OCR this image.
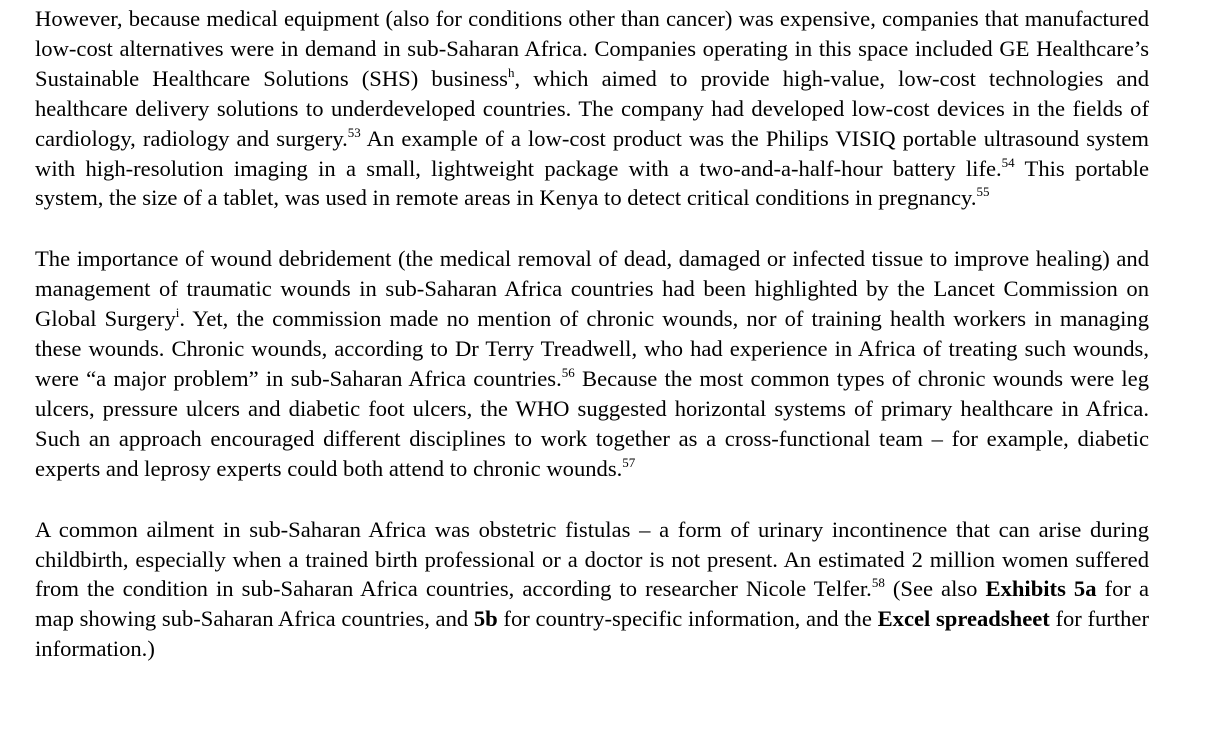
However, because medical equipment (also for conditions other than cancer) was expensive, companies that manufactured low-cost alternatives were in demand in sub-Saharan Africa. Companies operating in this space included GE Healthcare’s Sustainable Healthcare Solutions (SHS) business$^h$, which aimed to provide high-value, low-cost technologies and healthcare delivery solutions to underdeveloped countries. The company had developed low-cost devices in the fields of cardiology, radiology and surgery.$^{53}$ An example of a low-cost product was the Philips VISIQ portable ultrasound system with high-resolution imaging in a small, lightweight package with a two-and-a-half-hour battery life.$^{54}$ This portable system, the size of a tablet, was used in remote areas in Kenya to detect critical conditions in pregnancy.$^{55}$

The importance of wound debridement (the medical removal of dead, damaged or infected tissue to improve healing) and management of traumatic wounds in sub-Saharan Africa countries had been highlighted by the Lancet Commission on Global Surgery$^i$. Yet, the commission made no mention of chronic wounds, nor of training health workers in managing these wounds. Chronic wounds, according to Dr Terry Treadwell, who had experience in Africa of treating such wounds, were “a major problem” in sub-Saharan Africa countries.$^{56}$ Because the most common types of chronic wounds were leg ulcers, pressure ulcers and diabetic foot ulcers, the WHO suggested horizontal systems of primary healthcare in Africa. Such an approach encouraged different disciplines to work together as a cross-functional team – for example, diabetic experts and leprosy experts could both attend to chronic wounds.$^{57}$

A common ailment in sub-Saharan Africa was obstetric fistulas – a form of urinary incontinence that can arise during childbirth, especially when a trained birth professional or a doctor is not present. An estimated 2 million women suffered from the condition in sub-Saharan Africa countries, according to researcher Nicole Telfer.$^{58}$ (See also Exhibits 5a for a map showing sub-Saharan Africa countries, and 5b for country-specific information, and the Excel spreadsheet for further information.)
